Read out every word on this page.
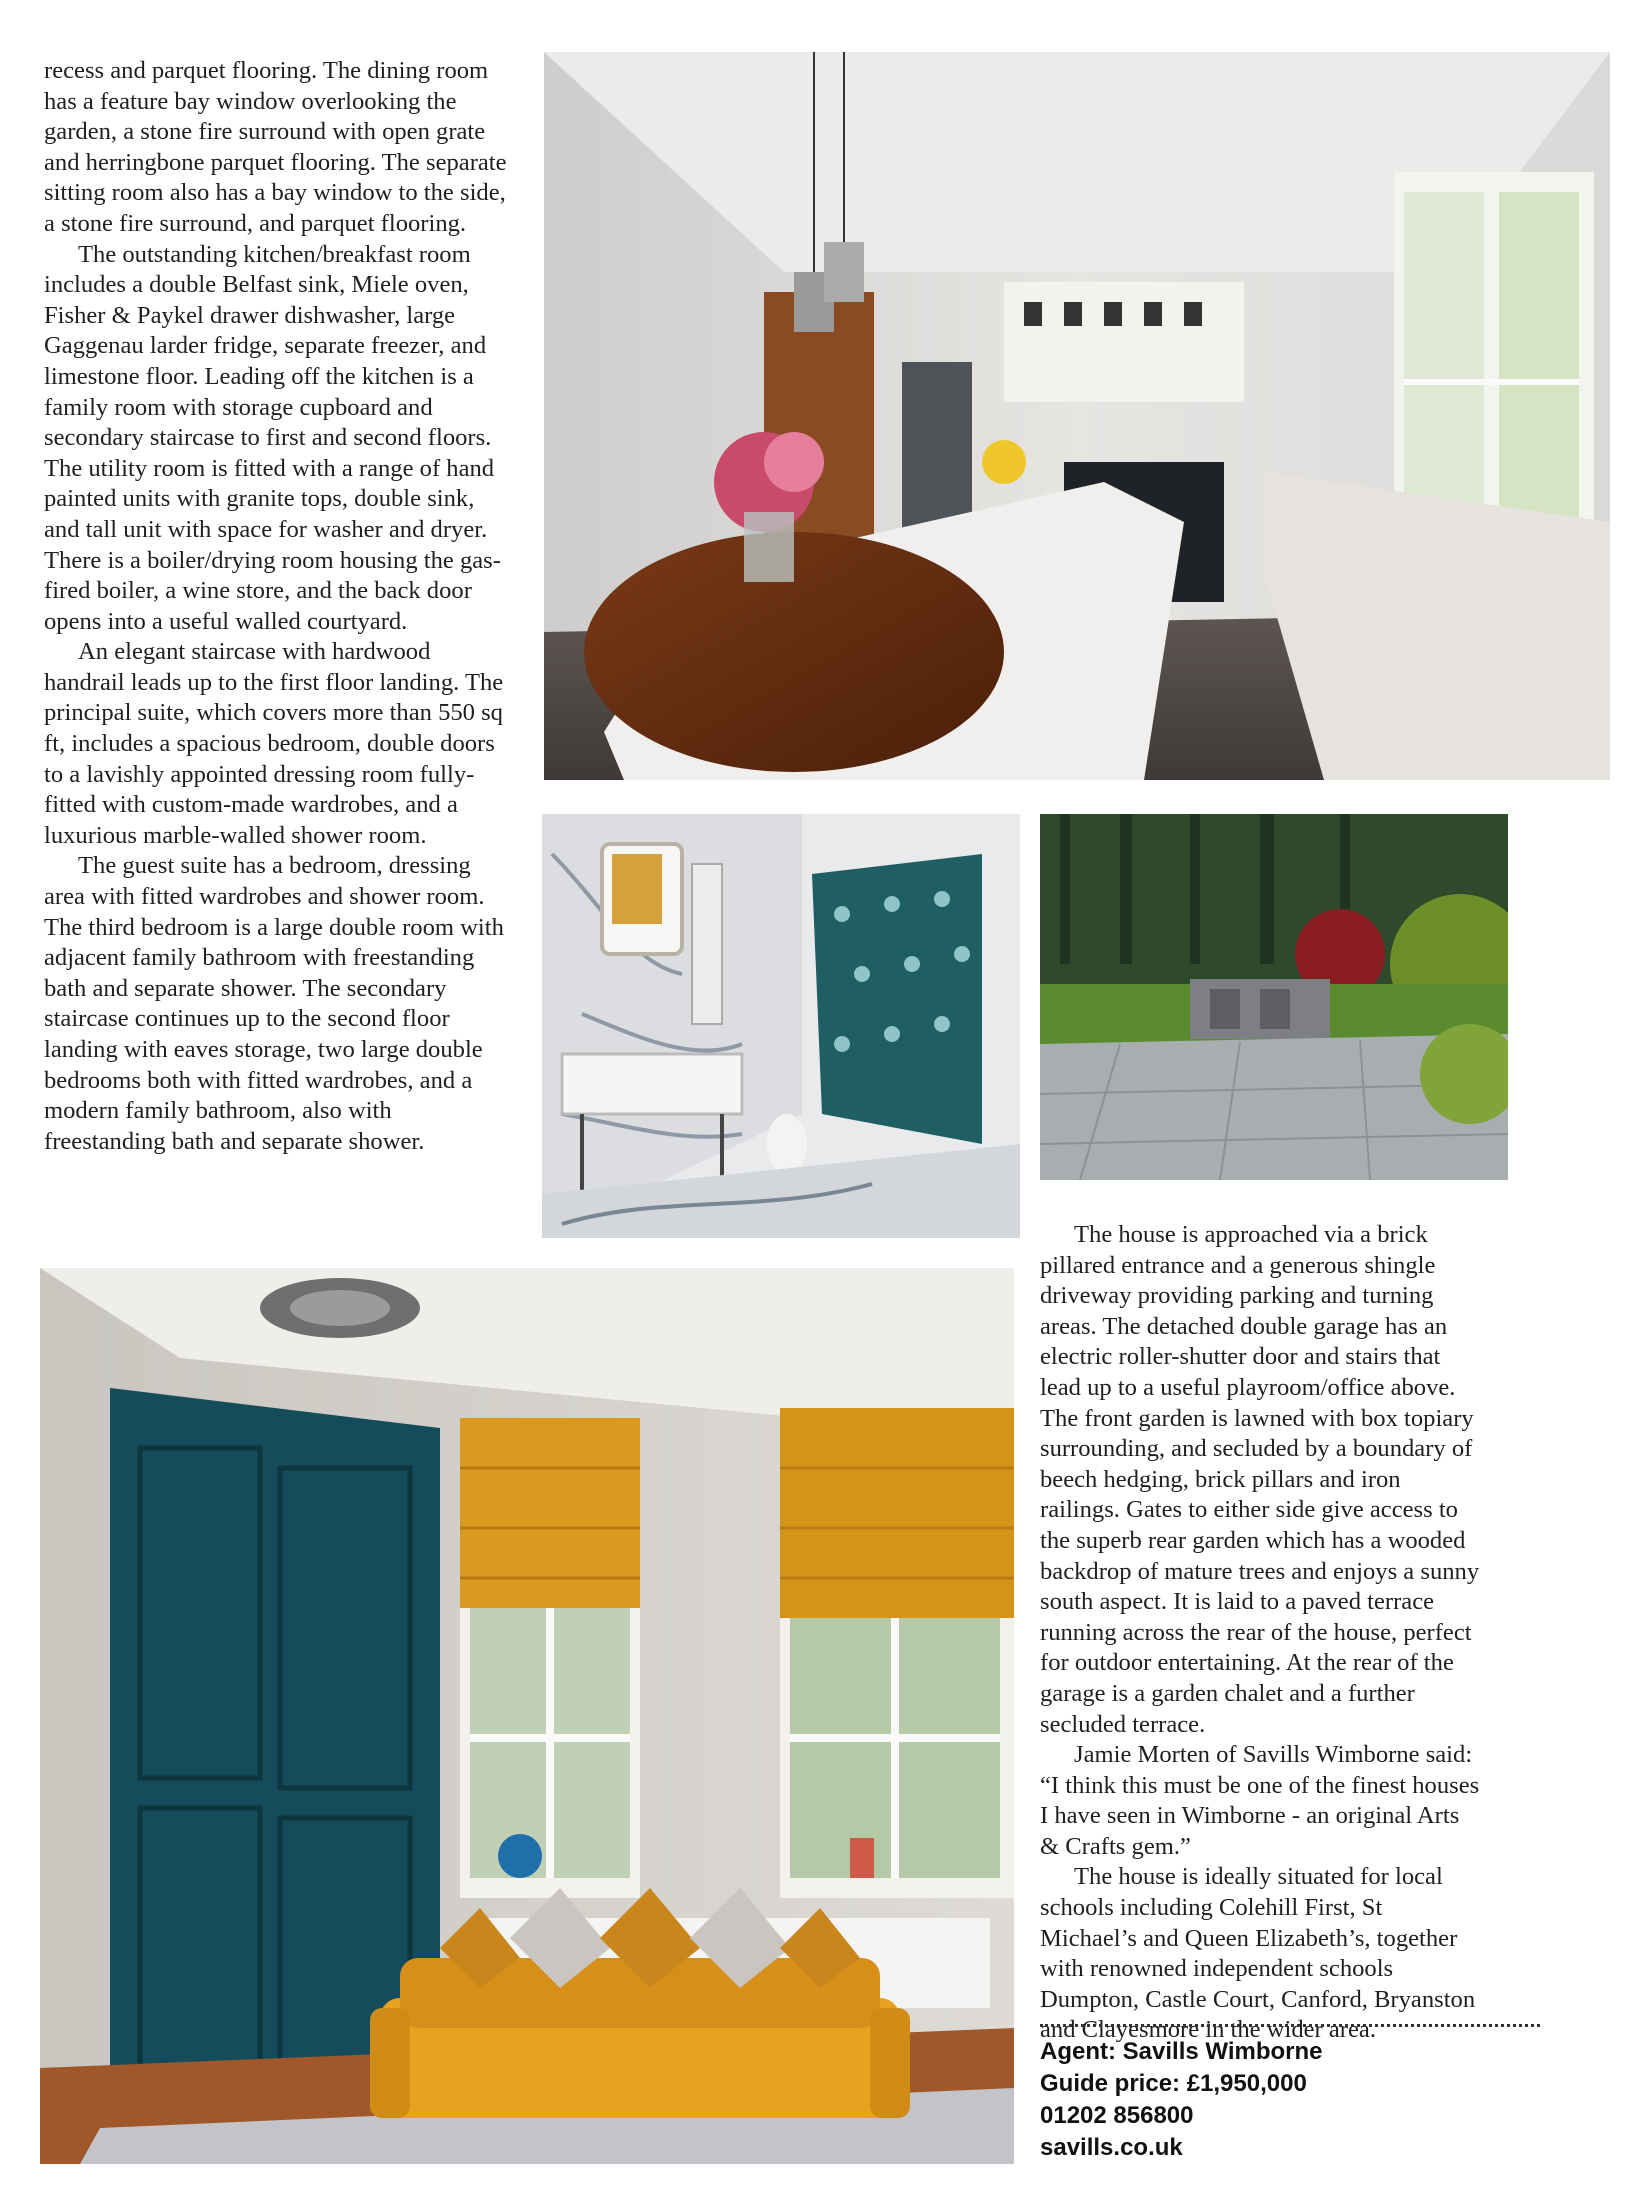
recess and parquet flooring. The dining room has a feature bay window overlooking the garden, a stone fire surround with open grate and herringbone parquet flooring. The separate sitting room also has a bay window to the side, a stone fire surround, and parquet flooring.

The outstanding kitchen/breakfast room includes a double Belfast sink, Miele oven, Fisher & Paykel drawer dishwasher, large Gaggenau larder fridge, separate freezer, and limestone floor. Leading off the kitchen is a family room with storage cupboard and secondary staircase to first and second floors. The utility room is fitted with a range of hand painted units with granite tops, double sink, and tall unit with space for washer and dryer. There is a boiler/drying room housing the gas-fired boiler, a wine store, and the back door opens into a useful walled courtyard.

An elegant staircase with hardwood handrail leads up to the first floor landing. The principal suite, which covers more than 550 sq ft, includes a spacious bedroom, double doors to a lavishly appointed dressing room fully-fitted with custom-made wardrobes, and a luxurious marble-walled shower room.

The guest suite has a bedroom, dressing area with fitted wardrobes and shower room. The third bedroom is a large double room with adjacent family bathroom with freestanding bath and separate shower. The secondary staircase continues up to the second floor landing with eaves storage, two large double bedrooms both with fitted wardrobes, and a modern family bathroom, also with freestanding bath and separate shower.

The house is approached via a brick pillared entrance and a generous shingle driveway providing parking and turning areas. The detached double garage has an electric roller-shutter door and stairs that lead up to a useful playroom/office above. The front garden is lawned with box topiary surrounding, and secluded by a boundary of beech hedging, brick pillars and iron railings. Gates to either side give access to the superb rear garden which has a wooded backdrop of mature trees and enjoys a sunny south aspect. It is laid to a paved terrace running across the rear of the house, perfect for outdoor entertaining. At the rear of the garage is a garden chalet and a further secluded terrace.

Jamie Morten of Savills Wimborne said: “I think this must be one of the finest houses I have seen in Wimborne - an original Arts & Crafts gem.”

The house is ideally situated for local schools including Colehill First, St Michael’s and Queen Elizabeth’s, together with renowned independent schools Dumpton, Castle Court, Canford, Bryanston and Clayesmore in the wider area.

Agent: Savills Wimborne
Guide price: £1,950,000
01202 856800
savills.co.uk
